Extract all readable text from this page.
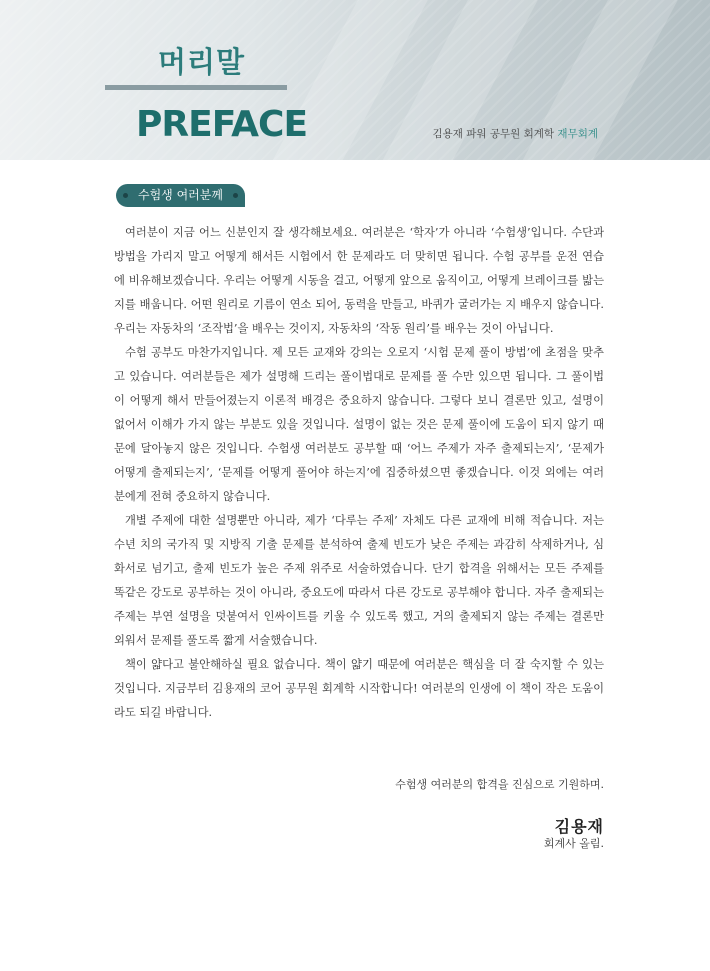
머리말
PREFACE	김용재 파워 공무원 회계학 재무회계
수험생 여러분께

여러분이 지금 어느 신분인지 잘 생각해보세요. 여러분은 ‘학자’가 아니라 ‘수험생’입니다. 수단과 방법을 가리지 말고 어떻게 해서든 시험에서 한 문제라도 더 맞히면 됩니다. 수험 공부를 운전 연습에 비유해보겠습니다. 우리는 어떻게 시동을 걸고, 어떻게 앞으로 움직이고, 어떻게 브레이크를 밟는 지를 배웁니다. 어떤 원리로 기름이 연소 되어, 동력을 만들고, 바퀴가 굴러가는 지 배우지 않습니다. 우리는 자동차의 ‘조작법’을 배우는 것이지, 자동차의 ‘작동 원리’를 배우는 것이 아닙니다.

수험 공부도 마찬가지입니다. 제 모든 교재와 강의는 오로지 ‘시험 문제 풀이 방법’에 초점을 맞추고 있습니다. 여러분들은 제가 설명해 드리는 풀이법대로 문제를 풀 수만 있으면 됩니다. 그 풀이법이 어떻게 해서 만들어졌는지 이론적 배경은 중요하지 않습니다. 그렇다 보니 결론만 있고, 설명이 없어서 이해가 가지 않는 부분도 있을 것입니다. 설명이 없는 것은 문제 풀이에 도움이 되지 않기 때문에 달아놓지 않은 것입니다. 수험생 여러분도 공부할 때 ‘어느 주제가 자주 출제되는지’, ‘문제가 어떻게 출제되는지’, ‘문제를 어떻게 풀어야 하는지’에 집중하셨으면 좋겠습니다. 이것 외에는 여러분에게 전혀 중요하지 않습니다.

개별 주제에 대한 설명뿐만 아니라, 제가 ‘다루는 주제’ 자체도 다른 교재에 비해 적습니다. 저는 수년 치의 국가직 및 지방직 기출 문제를 분석하여 출제 빈도가 낮은 주제는 과감히 삭제하거나, 심화서로 넘기고, 출제 빈도가 높은 주제 위주로 서술하였습니다. 단기 합격을 위해서는 모든 주제를 똑같은 강도로 공부하는 것이 아니라, 중요도에 따라서 다른 강도로 공부해야 합니다. 자주 출제되는 주제는 부연 설명을 덧붙여서 인싸이트를 키울 수 있도록 했고, 거의 출제되지 않는 주제는 결론만 외워서 문제를 풀도록 짧게 서술했습니다.

책이 얇다고 불안해하실 필요 없습니다. 책이 얇기 때문에 여러분은 핵심을 더 잘 숙지할 수 있는 것입니다. 지금부터 김용재의 코어 공무원 회계학 시작합니다! 여러분의 인생에 이 책이 작은 도움이라도 되길 바랍니다.

수험생 여러분의 합격을 진심으로 기원하며.
김용재
회계사 올림.
